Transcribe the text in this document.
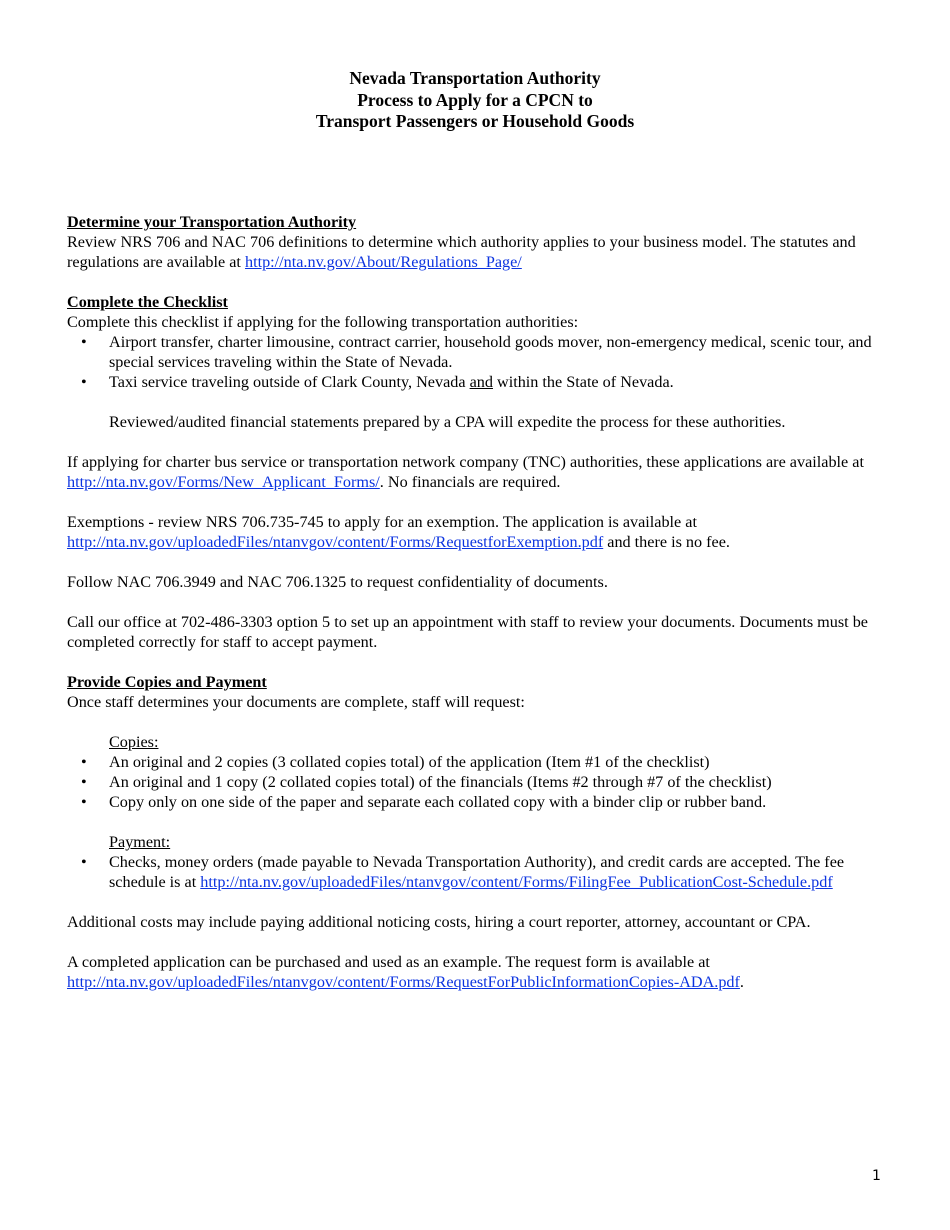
Nevada Transportation Authority
Process to Apply for a CPCN to
Transport Passengers or Household Goods
Determine your Transportation Authority

Review NRS 706 and NAC 706 definitions to determine which authority applies to your business model. The statutes and regulations are available at http://nta.nv.gov/About/Regulations_Page/

Complete the Checklist

Complete this checklist if applying for the following transportation authorities:

• Airport transfer, charter limousine, contract carrier, household goods mover, non-emergency medical, scenic tour, and special services traveling within the State of Nevada.
• Taxi service traveling outside of Clark County, Nevada and within the State of Nevada.

Reviewed/audited financial statements prepared by a CPA will expedite the process for these authorities.

If applying for charter bus service or transportation network company (TNC) authorities, these applications are available at http://nta.nv.gov/Forms/New_Applicant_Forms/. No financials are required.

Exemptions - review NRS 706.735-745 to apply for an exemption. The application is available at http://nta.nv.gov/uploadedFiles/ntanvgov/content/Forms/RequestforExemption.pdf and there is no fee.

Follow NAC 706.3949 and NAC 706.1325 to request confidentiality of documents.

Call our office at 702-486-3303 option 5 to set up an appointment with staff to review your documents. Documents must be completed correctly for staff to accept payment.

Provide Copies and Payment

Once staff determines your documents are complete, staff will request:

Copies:

• An original and 2 copies (3 collated copies total) of the application (Item #1 of the checklist)
• An original and 1 copy (2 collated copies total) of the financials (Items #2 through #7 of the checklist)
• Copy only on one side of the paper and separate each collated copy with a binder clip or rubber band.

Payment:

• Checks, money orders (made payable to Nevada Transportation Authority), and credit cards are accepted. The fee schedule is at http://nta.nv.gov/uploadedFiles/ntanvgov/content/Forms/FilingFee_PublicationCost-Schedule.pdf

Additional costs may include paying additional noticing costs, hiring a court reporter, attorney, accountant or CPA.

A completed application can be purchased and used as an example. The request form is available at http://nta.nv.gov/uploadedFiles/ntanvgov/content/Forms/RequestForPublicInformationCopies-ADA.pdf.

1
